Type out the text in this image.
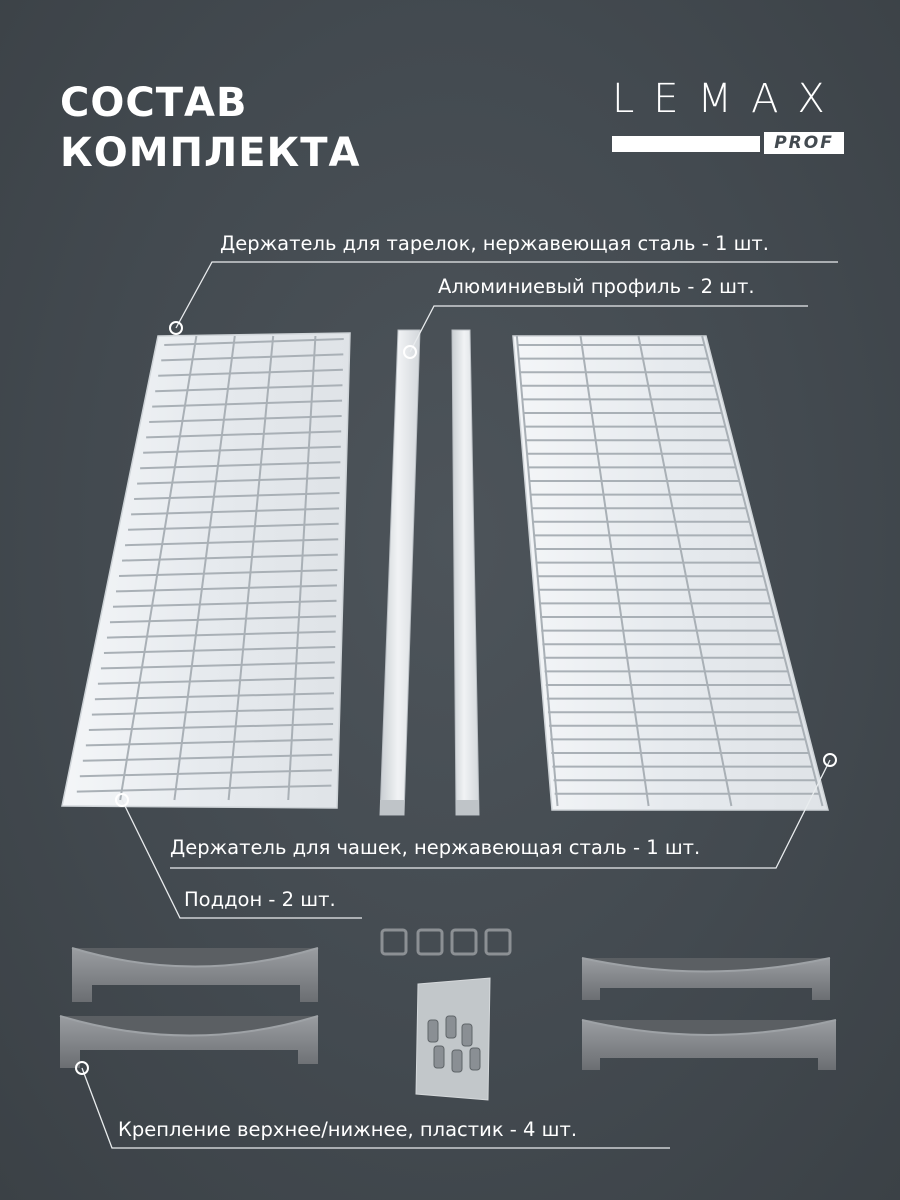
СОСТАВ
КОМПЛЕКТА
LEMAX
PROF
Держатель для тарелок, нержавеющая сталь - 1 шт.
Алюминиевый профиль - 2 шт.
Держатель для чашек, нержавеющая сталь - 1 шт.
Поддон - 2 шт.
Крепление верхнее/нижнее, пластик - 4 шт.
